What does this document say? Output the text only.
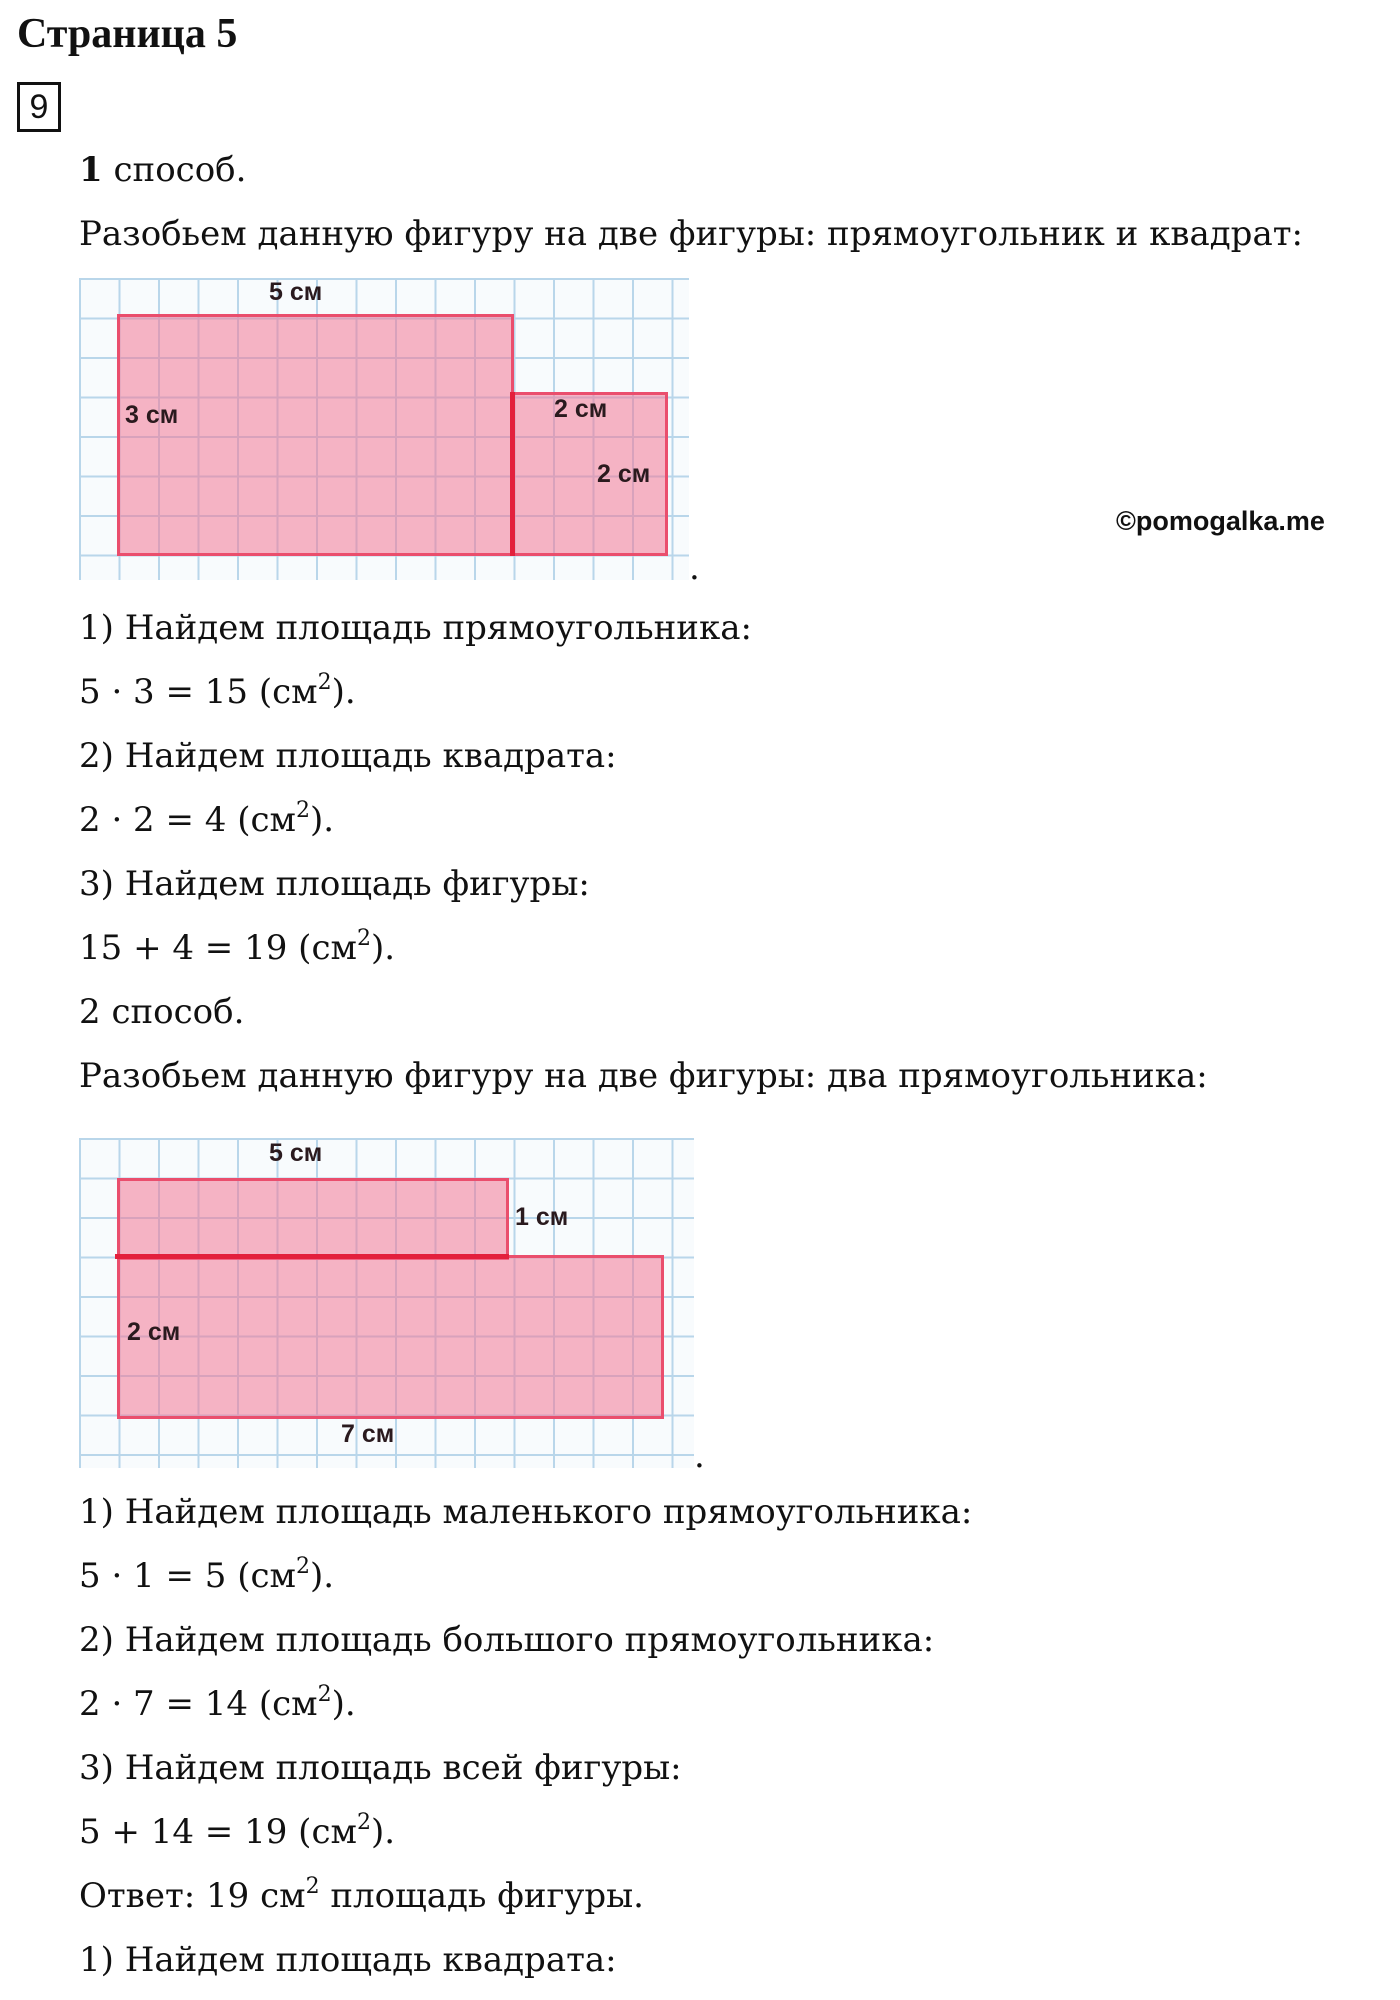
Страница 5
9
1 способ.
Разобьем данную фигуру на две фигуры: прямоугольник и квадрат:
5 см
3 см	2 см
2 см
.
©pomogalka.me
1) Найдем площадь прямоугольника:
5 · 3 = 15 $(см^2)$.
2) Найдем площадь квадрата:
2 · 2 = 4 $(см^2)$.
3) Найдем площадь фигуры:
15 + 4 = 19 $(см^2)$.
2 способ.
Разобьем данную фигуру на две фигуры: два прямоугольника:
5 см
1 см
2 см
7 см
.
1) Найдем площадь маленького прямоугольника:
5 · 1 = 5 $(см^2)$.
2) Найдем площадь большого прямоугольника:
2 · 7 = 14 $(см^2)$.
3) Найдем площадь всей фигуры:
5 + 14 = 19 $(см^2)$.
Ответ: 19 $см^2$ площадь фигуры.
1) Найдем площадь квадрата:
